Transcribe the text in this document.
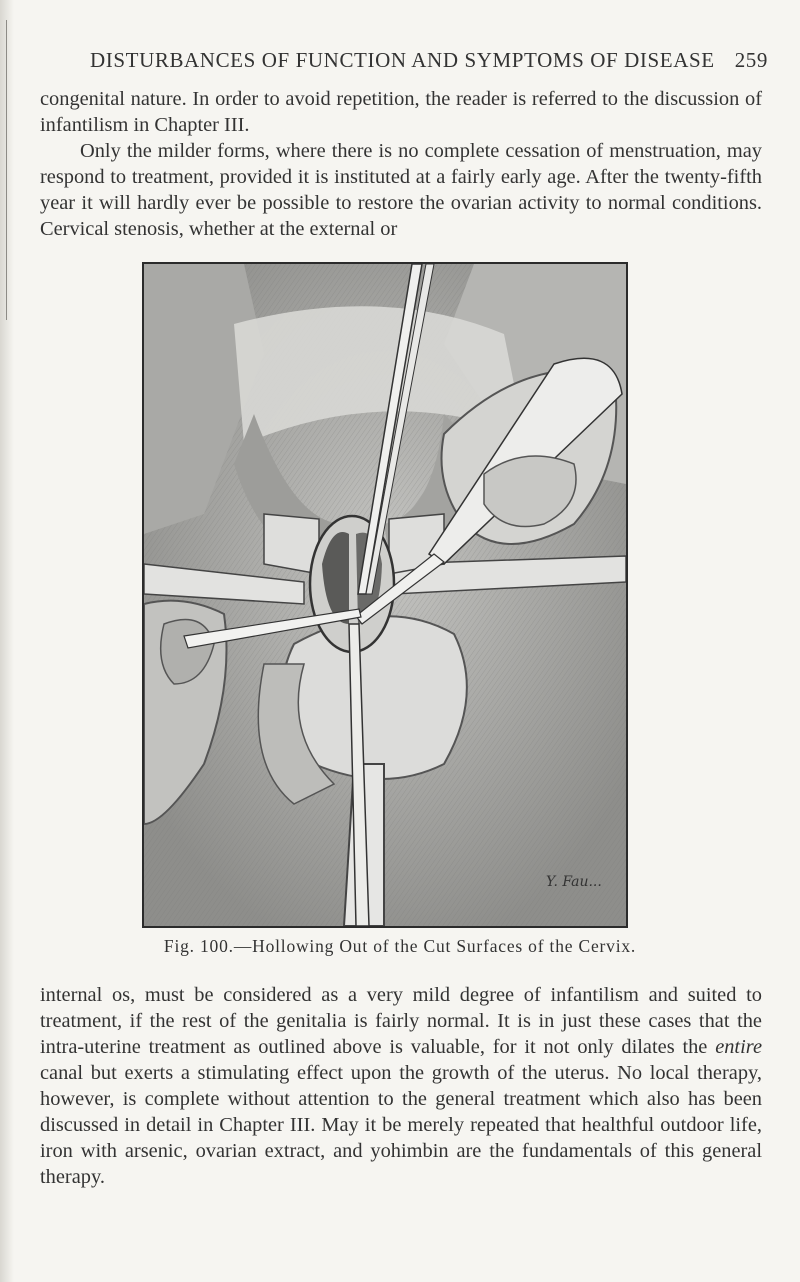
DISTURBANCES OF FUNCTION AND SYMPTOMS OF DISEASE 259

congenital nature. In order to avoid repetition, the reader is referred to the discussion of infantilism in Chapter III.

Only the milder forms, where there is no complete cessation of menstruation, may respond to treatment, provided it is instituted at a fairly early age. After the twenty-fifth year it will hardly ever be possible to restore the ovarian activity to normal conditions. Cervical stenosis, whether at the external or

Y. Fau...
Fig. 100.—Hollowing Out of the Cut Surfaces of the Cervix.

internal os, must be considered as a very mild degree of infantilism and suited to treatment, if the rest of the genitalia is fairly normal. It is in just these cases that the intra-uterine treatment as outlined above is valuable, for it not only dilates the entire canal but exerts a stimulating effect upon the growth of the uterus. No local therapy, however, is complete without attention to the general treatment which also has been discussed in detail in Chapter III. May it be merely repeated that healthful outdoor life, iron with arsenic, ovarian extract, and yohimbin are the fundamentals of this general therapy.
